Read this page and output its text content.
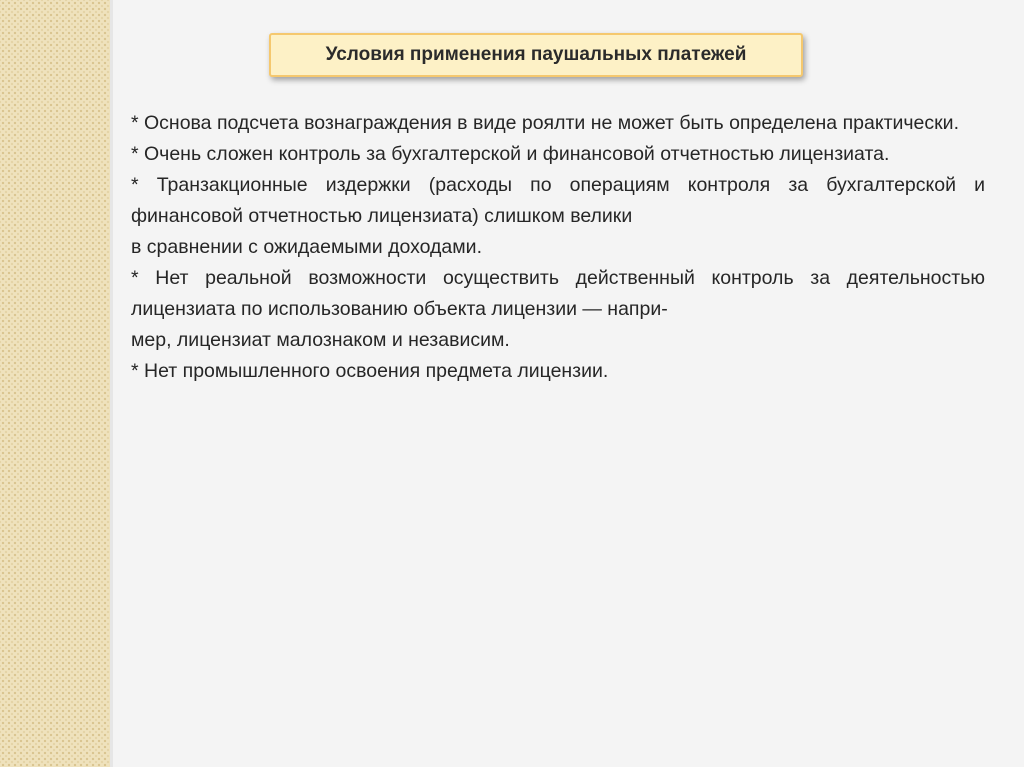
Условия применения паушальных платежей

* Основа подсчета вознаграждения в виде роялти не может быть определена практически.

* Очень сложен контроль за бухгалтерской и финансовой отчетностью лицензиата.

* Транзакционные издержки (расходы по операциям контроля за бухгалтерской и финансовой отчетностью лицензиата) слишком велики
в сравнении с ожидаемыми доходами.

* Нет реальной возможности осуществить действенный контроль за деятельностью лицензиата по использованию объекта лицензии — напри-
мер, лицензиат малознаком и независим.

* Нет промышленного освоения предмета лицензии.
